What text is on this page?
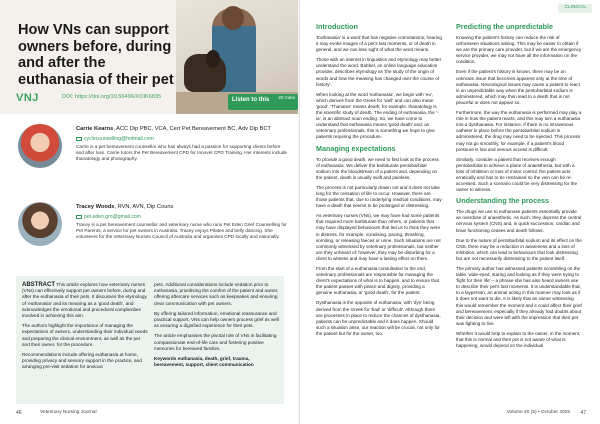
How VNs can support owners before, during and after the euthanasia of their pet
VNJ	DOI: https://doi.org/10.56496/XOIK6835	Listen to this 20 mins
Carrie Kearns, ACC Dip PBC, VCA, Cert Pet Bereavement BC, Adv Dip BCT
cyclecounselling@hotmail.com
Carrie is a pet bereavement counsellor who has always had a passion for supporting clients before and after loss. Carrie tutors the Pet Bereavement CPD for Innovet CPD Training. Her interests include thanatology and photography.
Tracey Woods, RVN, AVN, Dip Couns
pet.eden.grn@gmail.com
Tracey is a pet bereavement counsellor and veterinary nurse who runs Pet Eden Grief Counselling for Pet Parents, a service for pet owners in Australia. Tracey enjoys Pilates and belly dancing. She volunteers for the Veterinary Nurses Council of Australia and organises CPD locally and nationally.

ABSTRACT This article explores how veterinary nurses (VNs) can effectively support pet owners before, during and after the euthanasia of their pets. It discusses the etymology of 'euthanasia' and its meaning as a 'good death', and acknowledges the emotional and procedural complexities involved in achieving this aim.

The authors highlight the importance of managing the expectations of owners, understanding their individual needs and preparing the clinical environment, as well as the pet and their owner, for the procedure.

Recommendations include offering euthanasia at home, providing privacy and sensory support in the practice, and arranging pre-visit sedation for anxious

pets. Additional considerations include sedation prior to euthanasia, prioritising the comfort of the patient and owner, offering aftercare services such as keepsakes and ensuring clear communication with pet owners.

By offering tailored information, emotional reassurance and practical support, VNs can help owners process grief as well as ensuring a dignified experience for their pets.

The article emphasises the pivotal role of VNs in facilitating compassionate end-of-life care and fostering positive memories for bereaved families.

Keywords euthanasia, death, grief, trauma, bereavement, support, client communication

46	Veterinary Nursing Journal
CLINICAL
Introduction

'Euthanasia' is a word that has negative connotations; hearing it may evoke images of a pet's last moments, or of death in general, and we can lose sight of what the word means.

Those with an interest in linguistics and etymology may better understand the word. Babbel, an online language education provider, describes etymology as 'the study of the origin of words and how the meaning has changed over the course of history'.

When looking at the word 'euthanasia', we begin with 'eu', which derives from the Greek for 'well' and can also mean 'good'. 'Thanatos' means death; for example, thanatology is the scientific study of death. The ending of euthanasia, the '-ia', is an abstract noun ending. So, we have come to understand that euthanasia means 'good death' and, as veterinary professionals, this is something we hope to give patients requiring the procedure.

Managing expectations

To provide a good death, we need to first look at the process of euthanasia. We deliver the barbiturate pentobarbital sodium into the bloodstream of a patient and, depending on the patient, death is usually swift and painless.

The process is not particularly drawn out and it does not take long for the cessation of life to occur. However, there are those patients that, due to underlying medical conditions, may have a death that seems to be prolonged or distressing.

As veterinary nurses (VNs), we may have had some patients that required more barbiturate than others, or patients that may have displayed behaviours that led us to think they were in distress, for example, vocalising, pacing, thrashing, vomiting, or releasing faeces or urine. Such situations are not commonly witnessed by veterinary professionals, but neither are they unheard of; however, they may be disturbing for a client to witness and may have a lasting effect on them.

From the start of a euthanasia consultation to the end, veterinary professionals are responsible for managing the client's expectations of what is to happen, and to ensure that the patient passes with peace and dignity, providing a genuine euthanasia, or 'good death', for the patient.

Dysthanasia is the opposite of euthanasia, with 'dys' being derived from the Greek for 'bad' or 'difficult'. Although there are processes in place to reduce the chances of dysthanasia, patients can be unpredictable and it does happen. Should such a situation arise, our reaction will be crucial, not only for the patient but for the owner, too.

Predicting the unpredictable

Knowing the patient's history can reduce the risk of unforeseen situations arising. This may be easier to obtain if we are the primary care provider, but if we are the emergency service provider, we may not have all the information on the condition.

Even if the patient's history is known, there may be an unknown issue that becomes apparent only at the time of euthanasia. Neurological issues may cause a patient to react in an unpredictable way when the pentobarbital sodium is administered, which may then lead to a death that is not peaceful or does not appear so.

Furthermore, the way the euthanasia is performed may play a role in how the patient reacts, and this may turn a euthanasia into a dysthanasia. For instance, if there is no intravenous catheter in place before the pentobarbital sodium is administered, the drug may need to be injected. This process may not go smoothly, for example, if a patient's blood pressure is low and venous access is difficult.

Similarly, consider a patient that receives enough pentobarbital to achieve a plane of anaesthesia, but with a loss of inhibition or loss of motor control; the patient acts erratically and has to be restrained so the vein can be re-accessed. Such a scenario could be very distressing for the owner to witness.

Understanding the process

The drugs we use to euthanase patients essentially provide an overdose of anaesthetic. As such, they depress the central nervous system (CNS) and, in quick succession, cardiac and brain functioning ceases and death follows.

Due to the nature of pentobarbital sodium and its effect on the CNS, there may be a reduction in awareness and a loss of inhibition, which can lead to behaviours that look distressing but are not necessarily distressing to the patient itself.

The primary author has witnessed patients scrambling on the table, wide-eyed, staring and looking as if they were trying to 'fight for their life' – a phrase she has also heard owners use to describe their pet's last moments. It is understandable that, to a layperson, an animal acting in this manner may look as if it does not want to die. It is likely that an owner witnessing this would remember the moment and it could affect their grief and bereavement, especially if they already had doubts about their decision and were left with the impression that their pet was fighting to live.

Whether it would help to explain to the owner, in the moment, that this is normal and their pet is not aware of what is happening, would depend on the individual

Volume 40 (5) • October 2025 47
